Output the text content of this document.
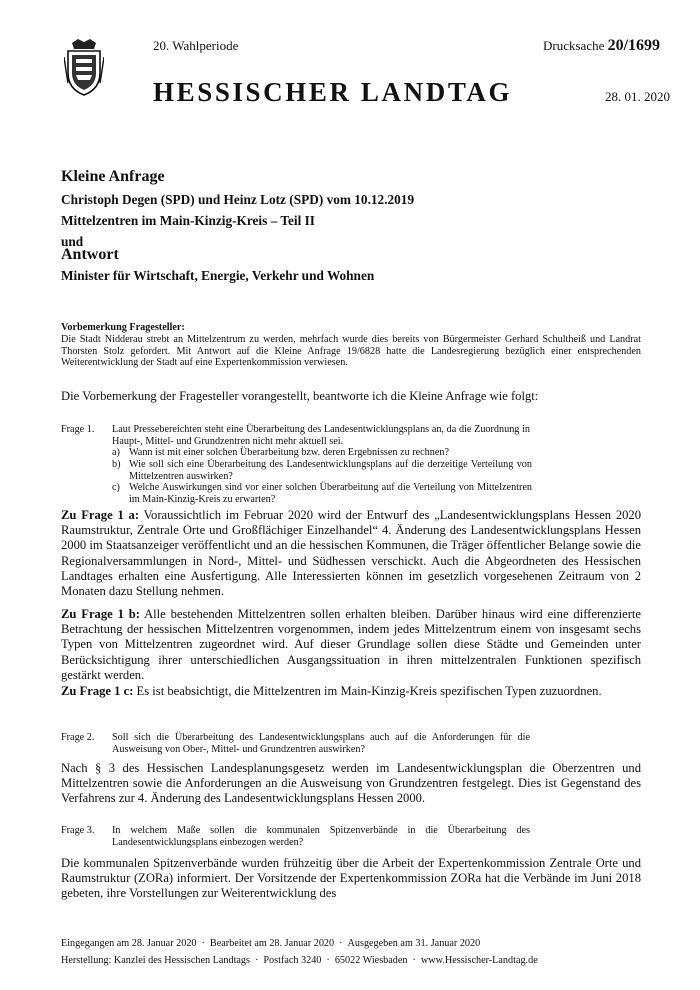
20. Wahlperiode	Drucksache 20/1699
HESSISCHER LANDTAG	28. 01. 2020
Kleine Anfrage
Christoph Degen (SPD) und Heinz Lotz (SPD) vom 10.12.2019
Mittelzentren im Main-Kinzig-Kreis – Teil II
und
Antwort
Minister für Wirtschaft, Energie, Verkehr und Wohnen
Vorbemerkung Fragesteller:
Die Stadt Nidderau strebt an Mittelzentrum zu werden, mehrfach wurde dies bereits von Bürgermeister Gerhard Schultheiß und Landrat Thorsten Stolz gefordert. Mit Antwort auf die Kleine Anfrage 19/6828 hatte die Landesregierung bezüglich einer entsprechenden Weiterentwicklung der Stadt auf eine Expertenkommission verwiesen.
Die Vorbemerkung der Fragesteller vorangestellt, beantworte ich die Kleine Anfrage wie folgt:
Frage 1. Laut Pressebereichten steht eine Überarbeitung des Landesentwicklungsplans an, da die Zuordnung in Haupt-, Mittel- und Grundzentren nicht mehr aktuell sei.
a) Wann ist mit einer solchen Überarbeitung bzw. deren Ergebnissen zu rechnen?
b) Wie soll sich eine Überarbeitung des Landesentwicklungsplans auf die derzeitige Verteilung von Mittelzentren auswirken?
c) Welche Auswirkungen sind vor einer solchen Überarbeitung auf die Verteilung von Mittelzentren im Main-Kinzig-Kreis zu erwarten?
Zu Frage 1 a: Voraussichtlich im Februar 2020 wird der Entwurf des „Landesentwicklungsplans Hessen 2020 Raumstruktur, Zentrale Orte und Großflächiger Einzelhandel“ 4. Änderung des Landesentwicklungsplans Hessen 2000 im Staatsanzeiger veröffentlicht und an die hessischen Kommunen, die Träger öffentlicher Belange sowie die Regionalversammlungen in Nord-, Mittel- und Südhessen verschickt. Auch die Abgeordneten des Hessischen Landtages erhalten eine Ausfertigung. Alle Interessierten können im gesetzlich vorgesehenen Zeitraum von 2 Monaten dazu Stellung nehmen.
Zu Frage 1 b: Alle bestehenden Mittelzentren sollen erhalten bleiben. Darüber hinaus wird eine differenzierte Betrachtung der hessischen Mittelzentren vorgenommen, indem jedes Mittelzentrum einem von insgesamt sechs Typen von Mittelzentren zugeordnet wird. Auf dieser Grundlage sollen diese Städte und Gemeinden unter Berücksichtigung ihrer unterschiedlichen Ausgangssituation in ihren mittelzentralen Funktionen spezifisch gestärkt werden.
Zu Frage 1 c: Es ist beabsichtigt, die Mittelzentren im Main-Kinzig-Kreis spezifischen Typen zuzuordnen.
Frage 2. Soll sich die Überarbeitung des Landesentwicklungsplans auch auf die Anforderungen für die Ausweisung von Ober-, Mittel- und Grundzentren auswirken?
Nach § 3 des Hessischen Landesplanungsgesetz werden im Landesentwicklungsplan die Oberzentren und Mittelzentren sowie die Anforderungen an die Ausweisung von Grundzentren festgelegt. Dies ist Gegenstand des Verfahrens zur 4. Änderung des Landesentwicklungsplans Hessen 2000.
Frage 3. In welchem Maße sollen die kommunalen Spitzenverbände in die Überarbeitung des Landesentwicklungsplans einbezogen werden?
Die kommunalen Spitzenverbände wurden frühzeitig über die Arbeit der Expertenkommission Zentrale Orte und Raumstruktur (ZORa) informiert. Der Vorsitzende der Expertenkommission ZORa hat die Verbände im Juni 2018 gebeten, ihre Vorstellungen zur Weiterentwicklung des
Eingegangen am 28. Januar 2020 · Bearbeitet am 28. Januar 2020 · Ausgegeben am 31. Januar 2020
Herstellung: Kanzlei des Hessischen Landtags · Postfach 3240 · 65022 Wiesbaden · www.Hessischer-Landtag.de
